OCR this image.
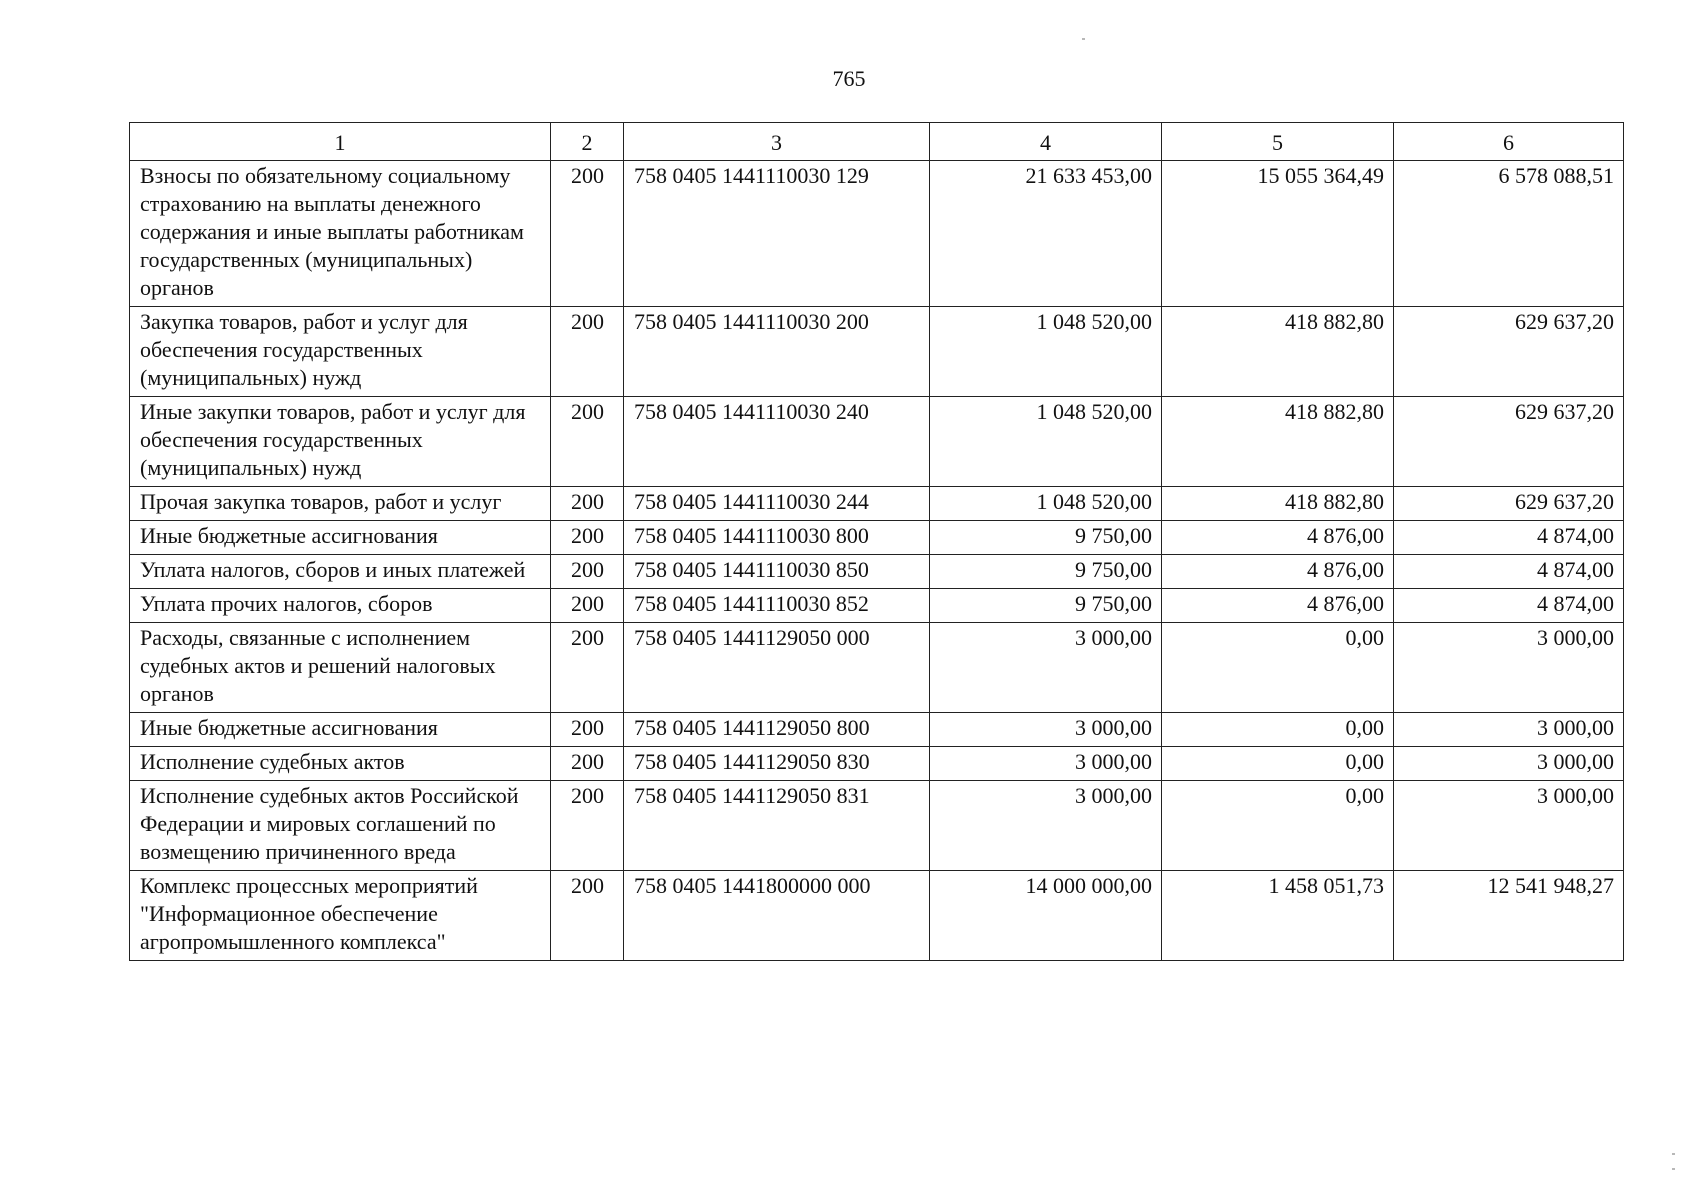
765
1	2	3	4	5	6
Взносы по обязательному социальному страхованию на выплаты денежного содержания и иные выплаты работникам государственных (муниципальных) органов	200	758 0405 1441110030 129	21 633 453,00	15 055 364,49	6 578 088,51
Закупка товаров, работ и услуг для обеспечения государственных (муниципальных) нужд	200	758 0405 1441110030 200	1 048 520,00	418 882,80	629 637,20
Иные закупки товаров, работ и услуг для обеспечения государственных (муниципальных) нужд	200	758 0405 1441110030 240	1 048 520,00	418 882,80	629 637,20
Прочая закупка товаров, работ и услуг	200	758 0405 1441110030 244	1 048 520,00	418 882,80	629 637,20
Иные бюджетные ассигнования	200	758 0405 1441110030 800	9 750,00	4 876,00	4 874,00
Уплата налогов, сборов и иных платежей	200	758 0405 1441110030 850	9 750,00	4 876,00	4 874,00
Уплата прочих налогов, сборов	200	758 0405 1441110030 852	9 750,00	4 876,00	4 874,00
Расходы, связанные с исполнением судебных актов и решений налоговых органов	200	758 0405 1441129050 000	3 000,00	0,00	3 000,00
Иные бюджетные ассигнования	200	758 0405 1441129050 800	3 000,00	0,00	3 000,00
Исполнение судебных актов	200	758 0405 1441129050 830	3 000,00	0,00	3 000,00
Исполнение судебных актов Российской Федерации и мировых соглашений по возмещению причиненного вреда	200	758 0405 1441129050 831	3 000,00	0,00	3 000,00
Комплекс процессных мероприятий "Информационное обеспечение агропромышленного комплекса"	200	758 0405 1441800000 000	14 000 000,00	1 458 051,73	12 541 948,27
